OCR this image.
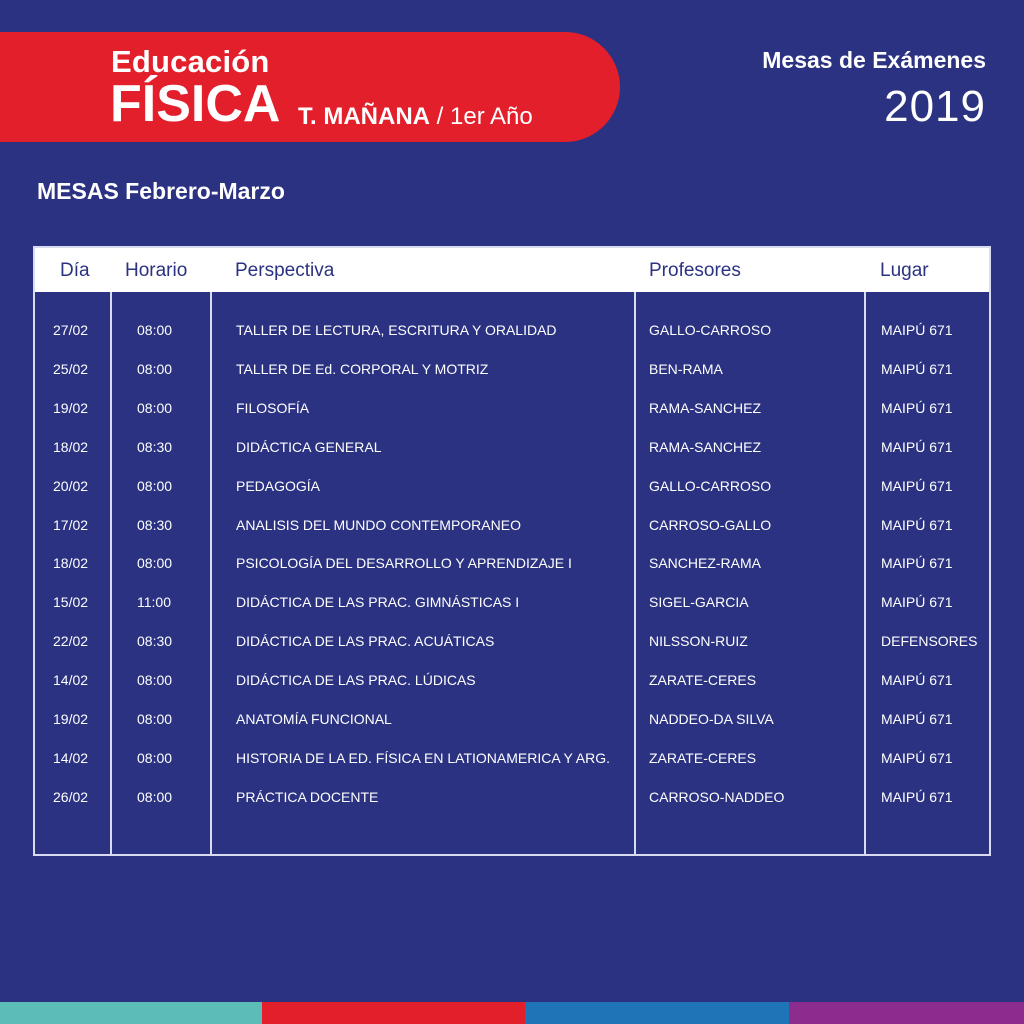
Educación
FÍSICA T. MAÑANA / 1er Año
Mesas de Exámenes
2019
MESAS Febrero-Marzo
Día Horario	Perspectiva	Profesores	Lugar
27/02	08:00	TALLER DE LECTURA, ESCRITURA Y ORALIDAD	GALLO-CARROSO	MAIPÚ 671
25/02	08:00	TALLER DE Ed. CORPORAL Y MOTRIZ	BEN-RAMA	MAIPÚ 671
19/02	08:00	FILOSOFÍA	RAMA-SANCHEZ	MAIPÚ 671
18/02	08:30	DIDÁCTICA GENERAL	RAMA-SANCHEZ	MAIPÚ 671
20/02	08:00	PEDAGOGÍA	GALLO-CARROSO	MAIPÚ 671
17/02	08:30	ANALISIS DEL MUNDO CONTEMPORANEO	CARROSO-GALLO	MAIPÚ 671
18/02	08:00	PSICOLOGÍA DEL DESARROLLO Y APRENDIZAJE I	SANCHEZ-RAMA	MAIPÚ 671
15/02	11:00	DIDÁCTICA DE LAS PRAC. GIMNÁSTICAS I	SIGEL-GARCIA	MAIPÚ 671
22/02	08:30	DIDÁCTICA DE LAS PRAC. ACUÁTICAS	NILSSON-RUIZ	DEFENSORES
14/02	08:00	DIDÁCTICA DE LAS PRAC. LÚDICAS	ZARATE-CERES	MAIPÚ 671
19/02	08:00	ANATOMÍA FUNCIONAL	NADDEO-DA SILVA	MAIPÚ 671
14/02	08:00	HISTORIA DE LA ED. FÍSICA EN LATIONAMERICA Y ARG.	ZARATE-CERES	MAIPÚ 671
26/02	08:00	PRÁCTICA DOCENTE	CARROSO-NADDEO	MAIPÚ 671
